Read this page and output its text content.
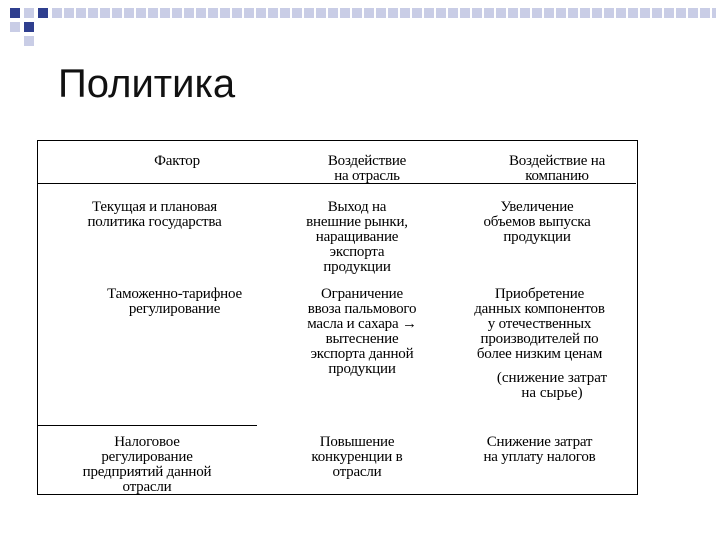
Политика
Фактор	Воздействие
на отрасль
Воздействие на
компанию
Текущая и плановая
политика государства
Выход на
внешние рынки,
наращивание
экспорта
продукции
Увеличение
объемов выпуска
продукции
Таможенно-тарифное
регулирование
Ограничение
ввоза пальмового
масла и сахара →
вытеснение
экспорта данной
продукции
Приобретение
данных компонентов
у отечественных
производителей по
более низким ценам
(снижение затрат
на сырье)
Налоговое
регулирование
предприятий данной
отрасли
Повышение
конкуренции в
отрасли
Снижение затрат
на уплату налогов
